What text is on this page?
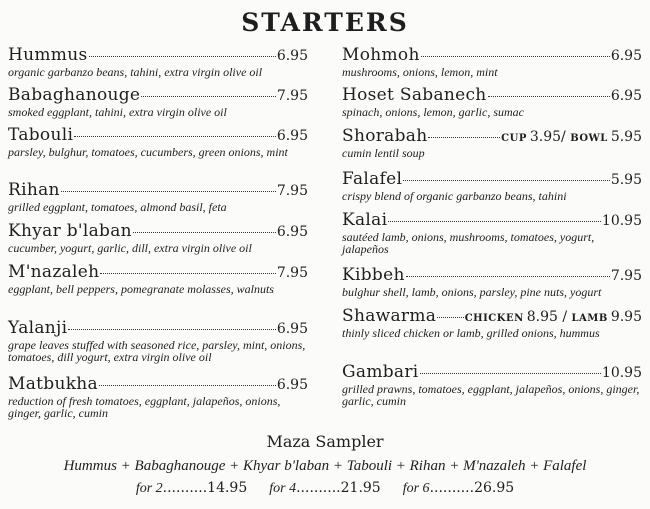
STARTERS
Hummus	6.95
organic garbanzo beans, tahini, extra virgin olive oil
Babaghanouge	7.95
smoked eggplant, tahini, extra virgin olive oil
Tabouli	6.95
parsley, bulghur, tomatoes, cucumbers, green onions, mint
Rihan	7.95
grilled eggplant, tomatoes, almond basil, feta
Khyar b'laban	6.95
cucumber, yogurt, garlic, dill, extra virgin olive oil
M'nazaleh	7.95
eggplant, bell peppers, pomegranate molasses, walnuts
Yalanji	6.95
grape leaves stuffed with seasoned rice, parsley, mint, onions, tomatoes, dill yogurt, extra virgin olive oil
Matbukha	6.95
reduction of fresh tomatoes, eggplant, jalapeños, onions, ginger, garlic, cumin
Mohmoh	6.95
mushrooms, onions, lemon, mint
Hoset Sabanech	6.95
spinach, onions, lemon, garlic, sumac
Shorabah	CUP 3.95/ BOWL 5.95
cumin lentil soup
Falafel	5.95
crispy blend of organic garbanzo beans, tahini
Kalai	10.95
sautéed lamb, onions, mushrooms, tomatoes, yogurt, jalapeños
Kibbeh	7.95
bulghur shell, lamb, onions, parsley, pine nuts, yogurt
Shawarma	CHICKEN 8.95 / LAMB 9.95
thinly sliced chicken or lamb, grilled onions, hummus
Gambari	10.95
grilled prawns, tomatoes, eggplant, jalapeños, onions, ginger, garlic, cumin
Maza Sampler
Hummus + Babaghanouge + Khyar b'laban + Tabouli + Rihan + M'nazaleh + Falafel
for 2..........14.95 for 4..........21.95 for 6..........26.95
